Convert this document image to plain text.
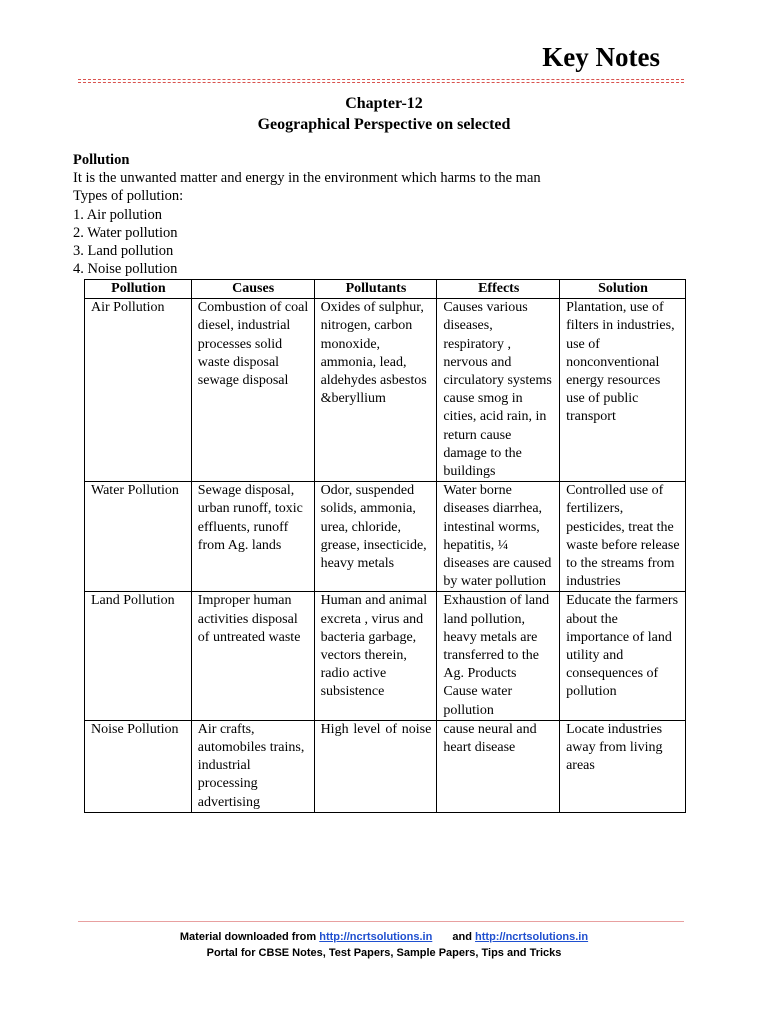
Key Notes
Chapter-12
Geographical Perspective on selected
Pollution
It is the unwanted matter and energy in the environment which harms to the man
Types of pollution:
1. Air pollution
2. Water pollution
3. Land pollution
4. Noise pollution
Pollution	Causes	Pollutants	Effects	Solution
Air Pollution	Combustion of coal diesel, industrial processes solid waste disposal sewage disposal	Oxides of sulphur, nitrogen, carbon monoxide, ammonia, lead, aldehydes asbestos &beryllium	Causes various diseases, respiratory , nervous and circulatory systems cause smog in cities, acid rain, in return cause damage to the buildings	Plantation, use of filters in industries, use of nonconventional energy resources use of public transport
Water Pollution	Sewage disposal, urban runoff, toxic effluents, runoff from Ag. lands	Odor, suspended solids, ammonia, urea, chloride, grease, insecticide, heavy metals	Water borne diseases diarrhea, intestinal worms, hepatitis, ¼ diseases are caused by water pollution	Controlled use of fertilizers, pesticides, treat the waste before release to the streams from industries
Land Pollution	Improper human activities disposal of untreated waste	Human and animal excreta , virus and bacteria garbage, vectors therein, radio active subsistence	Exhaustion of land land pollution, heavy metals are transferred to the Ag. Products Cause water pollution	Educate the farmers about the importance of land utility and consequences of pollution
Noise Pollution	Air crafts, automobiles trains, industrial processing advertising	High level of noise	cause neural and heart disease	Locate industries away from living areas
Material downloaded from http://ncrtsolutions.in and http://ncrtsolutions.in
Portal for CBSE Notes, Test Papers, Sample Papers, Tips and Tricks
